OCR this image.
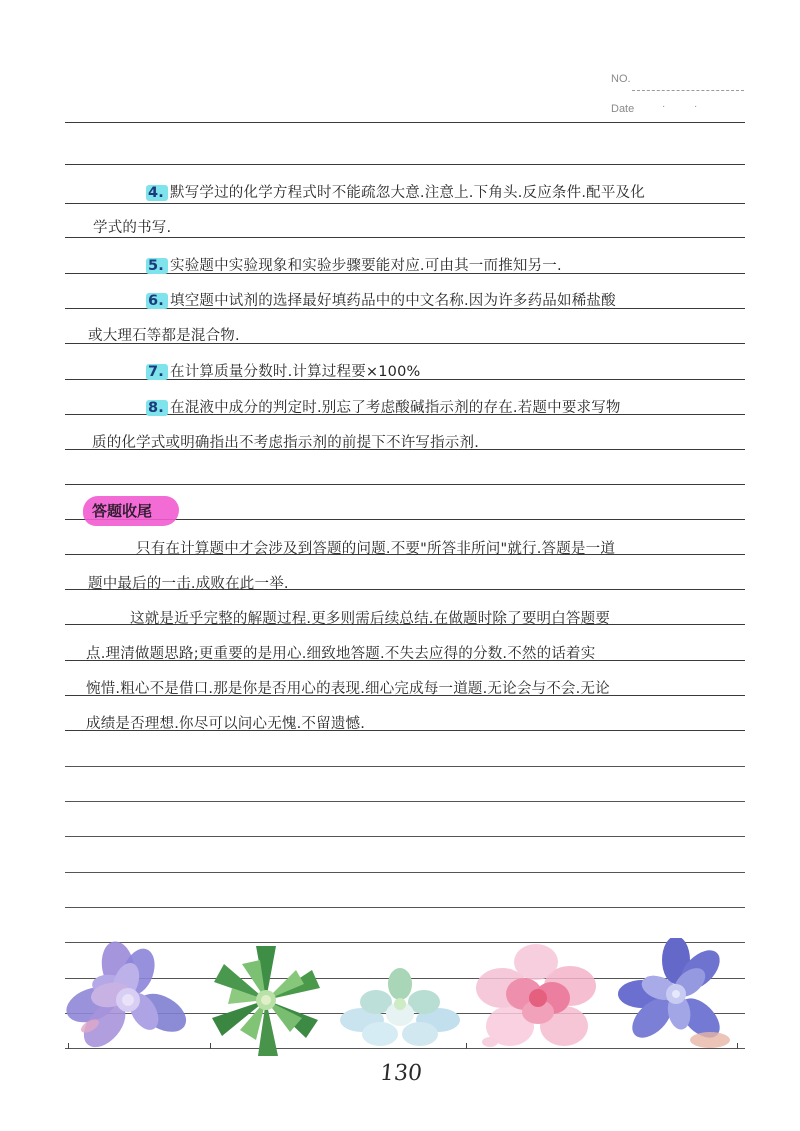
NO.
Date	·	·
4. 默写学过的化学方程式时不能疏忽大意.注意上.下角头.反应条件.配平及化
学式的书写.
5. 实验题中实验现象和实验步骤要能对应.可由其一而推知另一.
6. 填空题中试剂的选择最好填药品中的中文名称.因为许多药品如稀盐酸
或大理石等都是混合物.
7. 在计算质量分数时.计算过程要×100%
8. 在混液中成分的判定时.别忘了考虑酸碱指示剂的存在.若题中要求写物
质的化学式或明确指出不考虑指示剂的前提下不许写指示剂.
答题收尾
只有在计算题中才会涉及到答题的问题.不要"所答非所问"就行.答题是一道
题中最后的一击.成败在此一举.
这就是近乎完整的解题过程.更多则需后续总结.在做题时除了要明白答题要
点.理清做题思路;更重要的是用心.细致地答题.不失去应得的分数.不然的话着实
惋惜.粗心不是借口.那是你是否用心的表现.细心完成每一道题.无论会与不会.无论
成绩是否理想.你尽可以问心无愧.不留遗憾.
130
